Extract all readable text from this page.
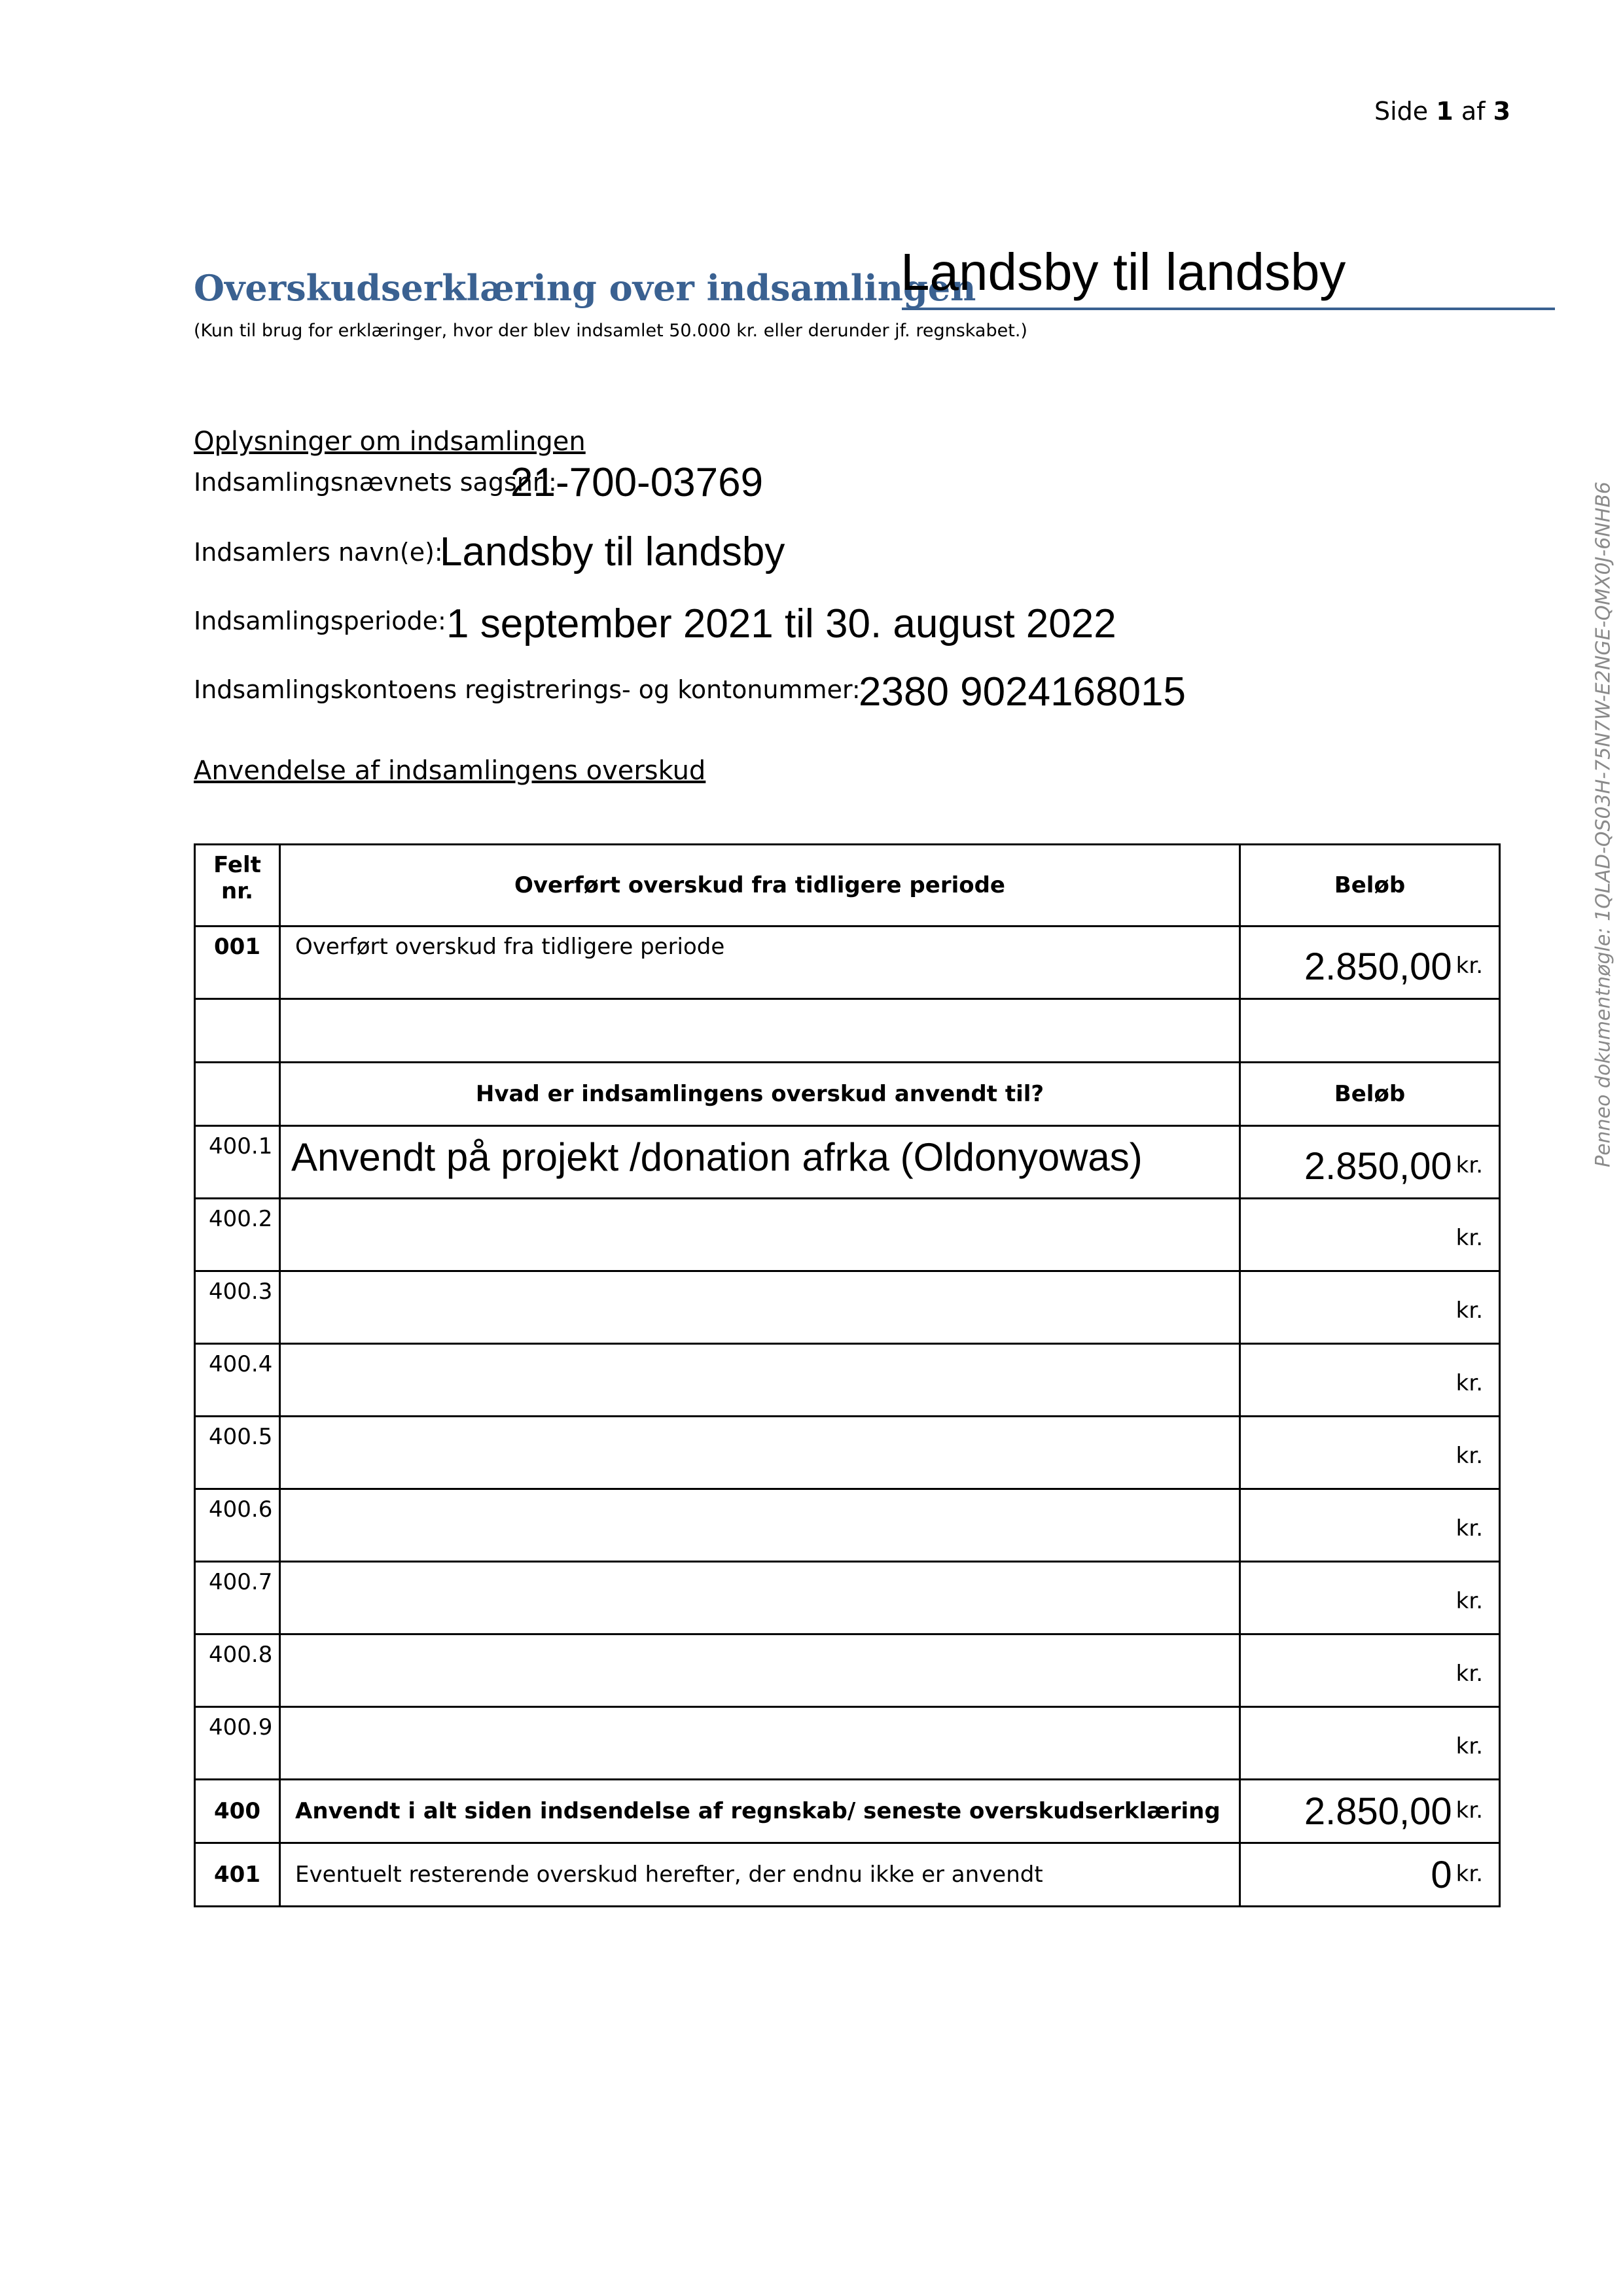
Side 1 af 3
Overskudserklæring over indsamlingen
Landsby til landsby
(Kun til brug for erklæringer, hvor der blev indsamlet 50.000 kr. eller derunder jf. regnskabet.)
Oplysninger om indsamlingen
Indsamlingsnævnets sagsnr.:
21-700-03769
Indsamlers navn(e):
Landsby til landsby
Indsamlingsperiode: 1 september 2021 til 30. august 2022
Indsamlingskontoens registrerings- og kontonummer:
2380 9024168015
Anvendelse af indsamlingens overskud
Felt nr.	Overført overskud fra tidligere periode	Beløb
001	Overført overskud fra tidligere periode	2.850,00 kr.

	Hvad er indsamlingens overskud anvendt til?	Beløb
400.1	Anvendt på projekt /donation afrka (Oldonyowas)	2.850,00 kr.
400.2		kr.
400.3		kr.
400.4		kr.
400.5		kr.
400.6		kr.
400.7		kr.
400.8		kr.
400.9		kr.
400	Anvendt i alt siden indsendelse af regnskab/ seneste overskudserklæring	2.850,00 kr.
401	Eventuelt resterende overskud herefter, der endnu ikke er anvendt	0 kr.
Penneo dokumentnøgle: 1QLAD-QS03H-75N7W-E2NGE-QMX0J-6NHB6
